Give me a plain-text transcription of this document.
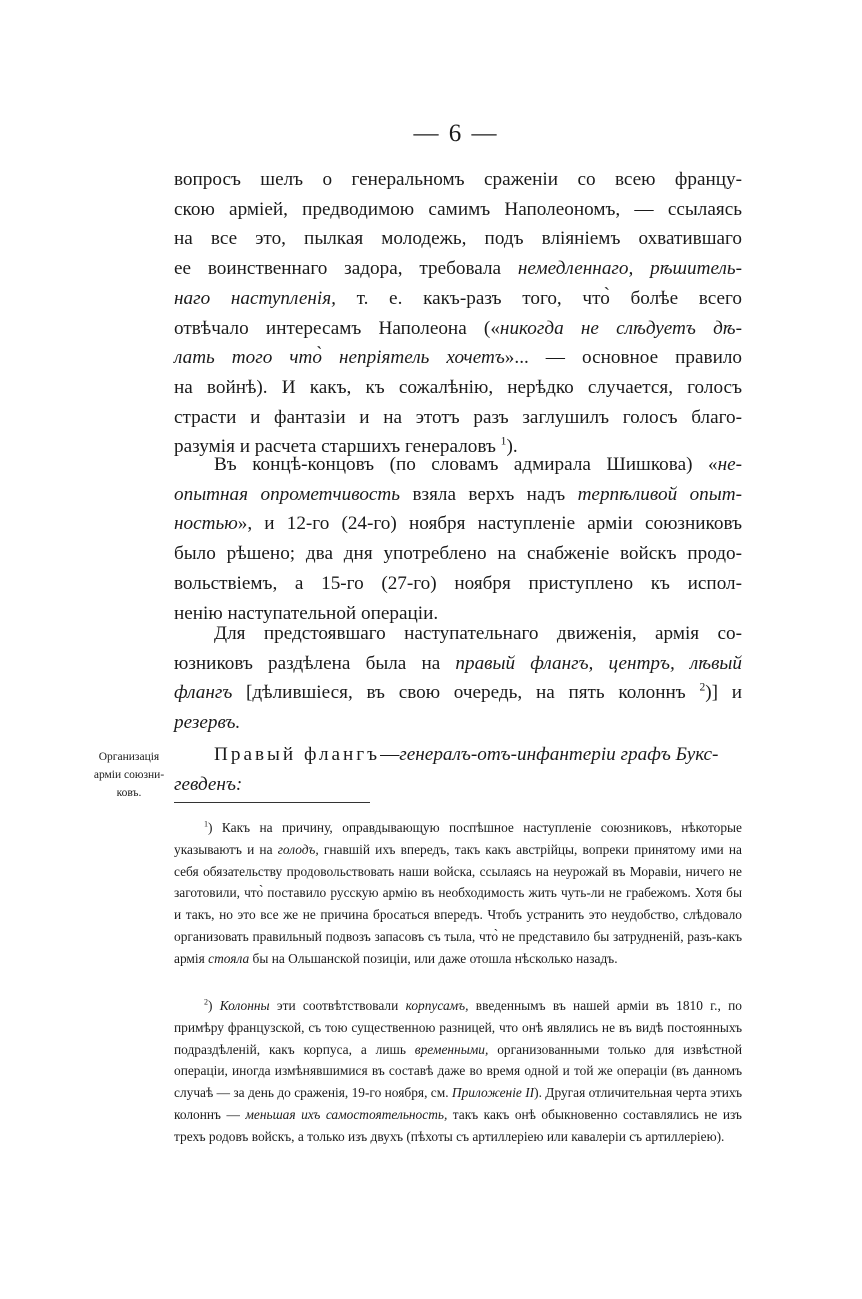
— 6 —
вопросъ шелъ о генеральномъ сраженіи со всею францу-
скою арміей, предводимою самимъ Наполеономъ, — ссылаясь
на все это, пылкая молодежь, подъ вліяніемъ охватившаго
ее воинственнаго задора, требовала немедленнаго, рѣшитель-
наго наступленія, т. е. какъ-разъ того, что̀ болѣе всего
отвѣчало интересамъ Наполеона («никогда не слѣдуетъ дѣ-
лать того что̀ непріятель хочетъ»... — основное правило
на войнѣ). И какъ, къ сожалѣнію, нерѣдко случается, голосъ
страсти и фантазіи и на этотъ разъ заглушилъ голосъ благо-
разумія и расчета старшихъ генераловъ $^1$).
Въ концѣ-концовъ (по словамъ адмирала Шишкова) «не-
опытная опрометчивость взяла верхъ надъ терпѣливой опыт-
ностью», и 12-го (24-го) ноября наступленіе арміи союзниковъ
было рѣшено; два дня употреблено на снабженіе войскъ продо-
вольствіемъ, а 15-го (27-го) ноября приступлено къ испол-
ненію наступательной операціи.
Для предстоявшаго наступательнаго движенія, армія со-
юзниковъ раздѣлена была на правый флангъ, центръ, лѣвый
флангъ [дѣлившіеся, въ свою очередь, на пять колоннъ $^2$)] и
резервъ.
Организація
арміи союзни-
ковъ.
Правый флангъ—генералъ-отъ-инфантеріи графъ Букс-
гевденъ:

$^1$) Какъ на причину, оправдывающую поспѣшное наступленіе союзниковъ, нѣкоторые указываютъ и на голодъ, гнавшій ихъ впередъ, такъ какъ австрійцы, вопреки принятому ими на себя обязательству продовольствовать наши войска, ссылаясь на неурожай въ Моравіи, ничего не заготовили, что̀ поставило русскую армію въ необходимость жить чуть-ли не грабежомъ. Хотя бы и такъ, но это все же не причина бросаться впередъ. Чтобъ устранить это неудобство, слѣдовало организовать правильный подвозъ запасовъ съ тыла, что̀ не представило бы затрудненій, разъ-какъ армія стояла бы на Ольшанской позиціи, или даже отошла нѣсколько назадъ.

$^2$) Колонны эти соотвѣтствовали корпусамъ, введеннымъ въ нашей арміи въ 1810 г., по примѣру французской, съ тою существенною разницей, что онѣ являлись не въ видѣ постоянныхъ подраздѣленій, какъ корпуса, а лишь временными, организованными только для извѣстной операціи, иногда измѣнявшимися въ составѣ даже во время одной и той же операціи (въ данномъ случаѣ — за день до сраженія, 19-го ноября, см. Приложеніе II). Другая отличительная черта этихъ колоннъ — меньшая ихъ самостоятельность, такъ какъ онѣ обыкновенно составлялись не изъ трехъ родовъ войскъ, а только изъ двухъ (пѣхоты съ артиллеріею или кавалеріи съ артиллеріею).
